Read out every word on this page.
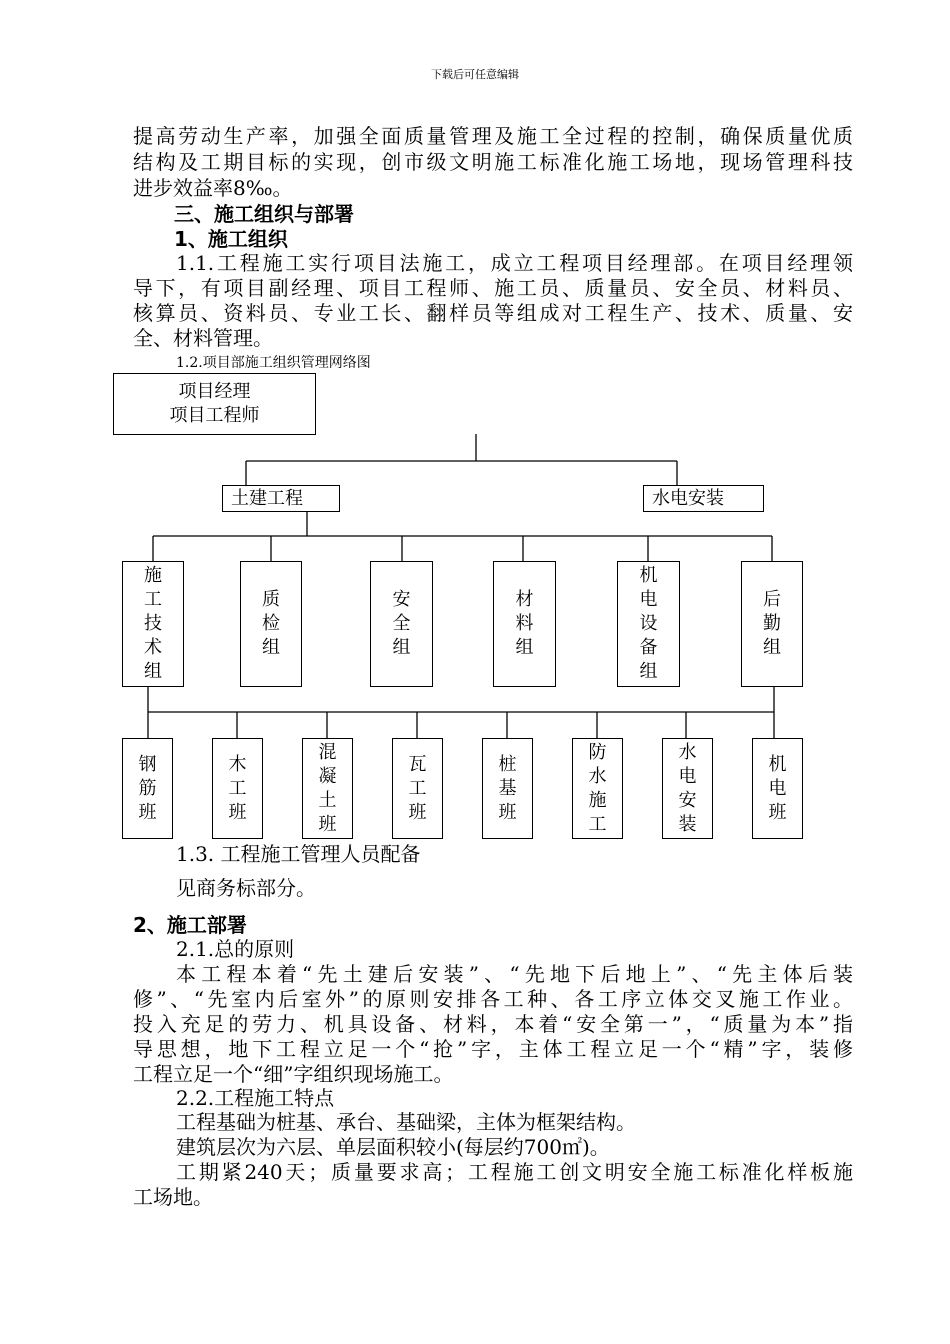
下载后可任意编辑
提高劳动生产率，加强全面质量管理及施工全过程的控制，确保质量优质
结构及工期目标的实现，创市级文明施工标准化施工场地，现场管理科技
进步效益率8‰。
三、施工组织与部署
1、施工组织
1.1.工程施工实行项目法施工，成立工程项目经理部。在项目经理领
导下，有项目副经理、项目工程师、施工员、质量员、安全员、材料员、
核算员、资料员、专业工长、翻样员等组成对工程生产、技术、质量、安
全、材料管理。
1.2.项目部施工组织管理网络图
项目经理
项目工程师
土建工程	水电安装
施
工
技
术
组
质
检
组
安
全
组
材
料
组
机
电
设
备
组
后
勤
组
钢
筋
班
木
工
班
混
凝
土
班
瓦
工
班
桩
基
班
防
水
施
工
水
电
安
装
机
电
班
1.3. 工程施工管理人员配备
见商务标部分。
2、施工部署
2.1.总的原则
本工程本着“先土建后安装”、“先地下后地上”、“先主体后装
修”、“先室内后室外”的原则安排各工种、各工序立体交叉施工作业。
投入充足的劳力、机具设备、材料，本着“安全第一”，“质量为本”指
导思想，地下工程立足一个“抢”字，主体工程立足一个“精”字，装修
工程立足一个“细”字组织现场施工。
2.2.工程施工特点
工程基础为桩基、承台、基础梁，主体为框架结构。
建筑层次为六层、单层面积较小(每层约700㎡)。
工期紧240天；质量要求高；工程施工创文明安全施工标准化样板施
工场地。
